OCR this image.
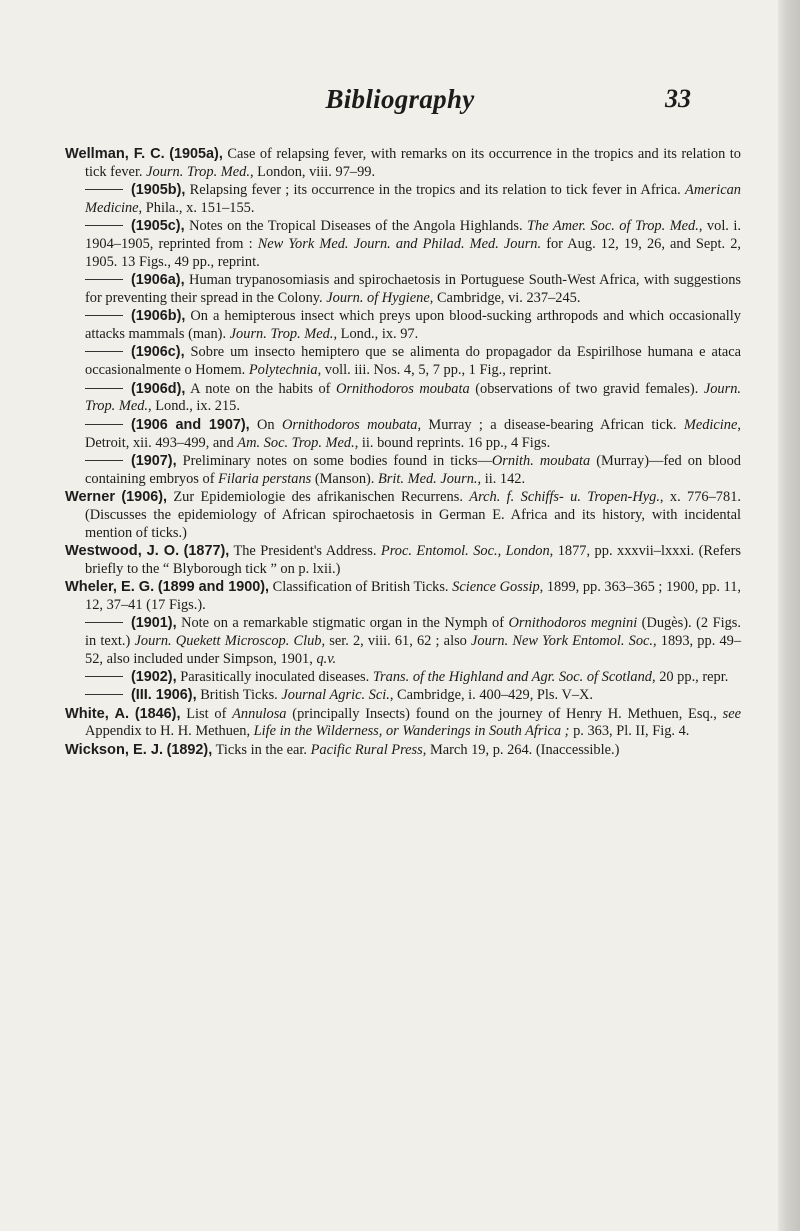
Bibliography	33

Wellman, F. C. (1905a), Case of relapsing fever, with remarks on its occurrence in the tropics and its relation to tick fever. Journ. Trop. Med., London, viii. 97–99.

(1905b), Relapsing fever ; its occurrence in the tropics and its relation to tick fever in Africa. American Medicine, Phila., x. 151–155.

(1905c), Notes on the Tropical Diseases of the Angola Highlands. The Amer. Soc. of Trop. Med., vol. i. 1904–1905, reprinted from : New York Med. Journ. and Philad. Med. Journ. for Aug. 12, 19, 26, and Sept. 2, 1905. 13 Figs., 49 pp., reprint.

(1906a), Human trypanosomiasis and spirochaetosis in Portuguese South-West Africa, with suggestions for preventing their spread in the Colony. Journ. of Hygiene, Cambridge, vi. 237–245.

(1906b), On a hemipterous insect which preys upon blood-sucking arthropods and which occasionally attacks mammals (man). Journ. Trop. Med., Lond., ix. 97.

(1906c), Sobre um insecto hemiptero que se alimenta do propagador da Espirilhose humana e ataca occasionalmente o Homem. Polytechnia, voll. iii. Nos. 4, 5, 7 pp., 1 Fig., reprint.

(1906d), A note on the habits of Ornithodoros moubata (observations of two gravid females). Journ. Trop. Med., Lond., ix. 215.

(1906 and 1907), On Ornithodoros moubata, Murray ; a disease-bearing African tick. Medicine, Detroit, xii. 493–499, and Am. Soc. Trop. Med., ii. bound reprints. 16 pp., 4 Figs.

(1907), Preliminary notes on some bodies found in ticks—Ornith. moubata (Murray)—fed on blood containing embryos of Filaria perstans (Manson). Brit. Med. Journ., ii. 142.

Werner (1906), Zur Epidemiologie des afrikanischen Recurrens. Arch. f. Schiffs- u. Tropen-Hyg., x. 776–781. (Discusses the epidemiology of African spirochaetosis in German E. Africa and its history, with incidental mention of ticks.)

Westwood, J. O. (1877), The President's Address. Proc. Entomol. Soc., London, 1877, pp. xxxvii–lxxxi. (Refers briefly to the “ Blyborough tick ” on p. lxii.)

Wheler, E. G. (1899 and 1900), Classification of British Ticks. Science Gossip, 1899, pp. 363–365 ; 1900, pp. 11, 12, 37–41 (17 Figs.).

(1901), Note on a remarkable stigmatic organ in the Nymph of Ornithodoros megnini (Dugès). (2 Figs. in text.) Journ. Quekett Microscop. Club, ser. 2, viii. 61, 62 ; also Journ. New York Entomol. Soc., 1893, pp. 49–52, also included under Simpson, 1901, q.v.

(1902), Parasitically inoculated diseases. Trans. of the Highland and Agr. Soc. of Scotland, 20 pp., repr.

(III. 1906), British Ticks. Journal Agric. Sci., Cambridge, i. 400–429, Pls. V–X.

White, A. (1846), List of Annulosa (principally Insects) found on the journey of Henry H. Methuen, Esq., see Appendix to H. H. Methuen, Life in the Wilderness, or Wanderings in South Africa ; p. 363, Pl. II, Fig. 4.

Wickson, E. J. (1892), Ticks in the ear. Pacific Rural Press, March 19, p. 264. (Inaccessible.)
